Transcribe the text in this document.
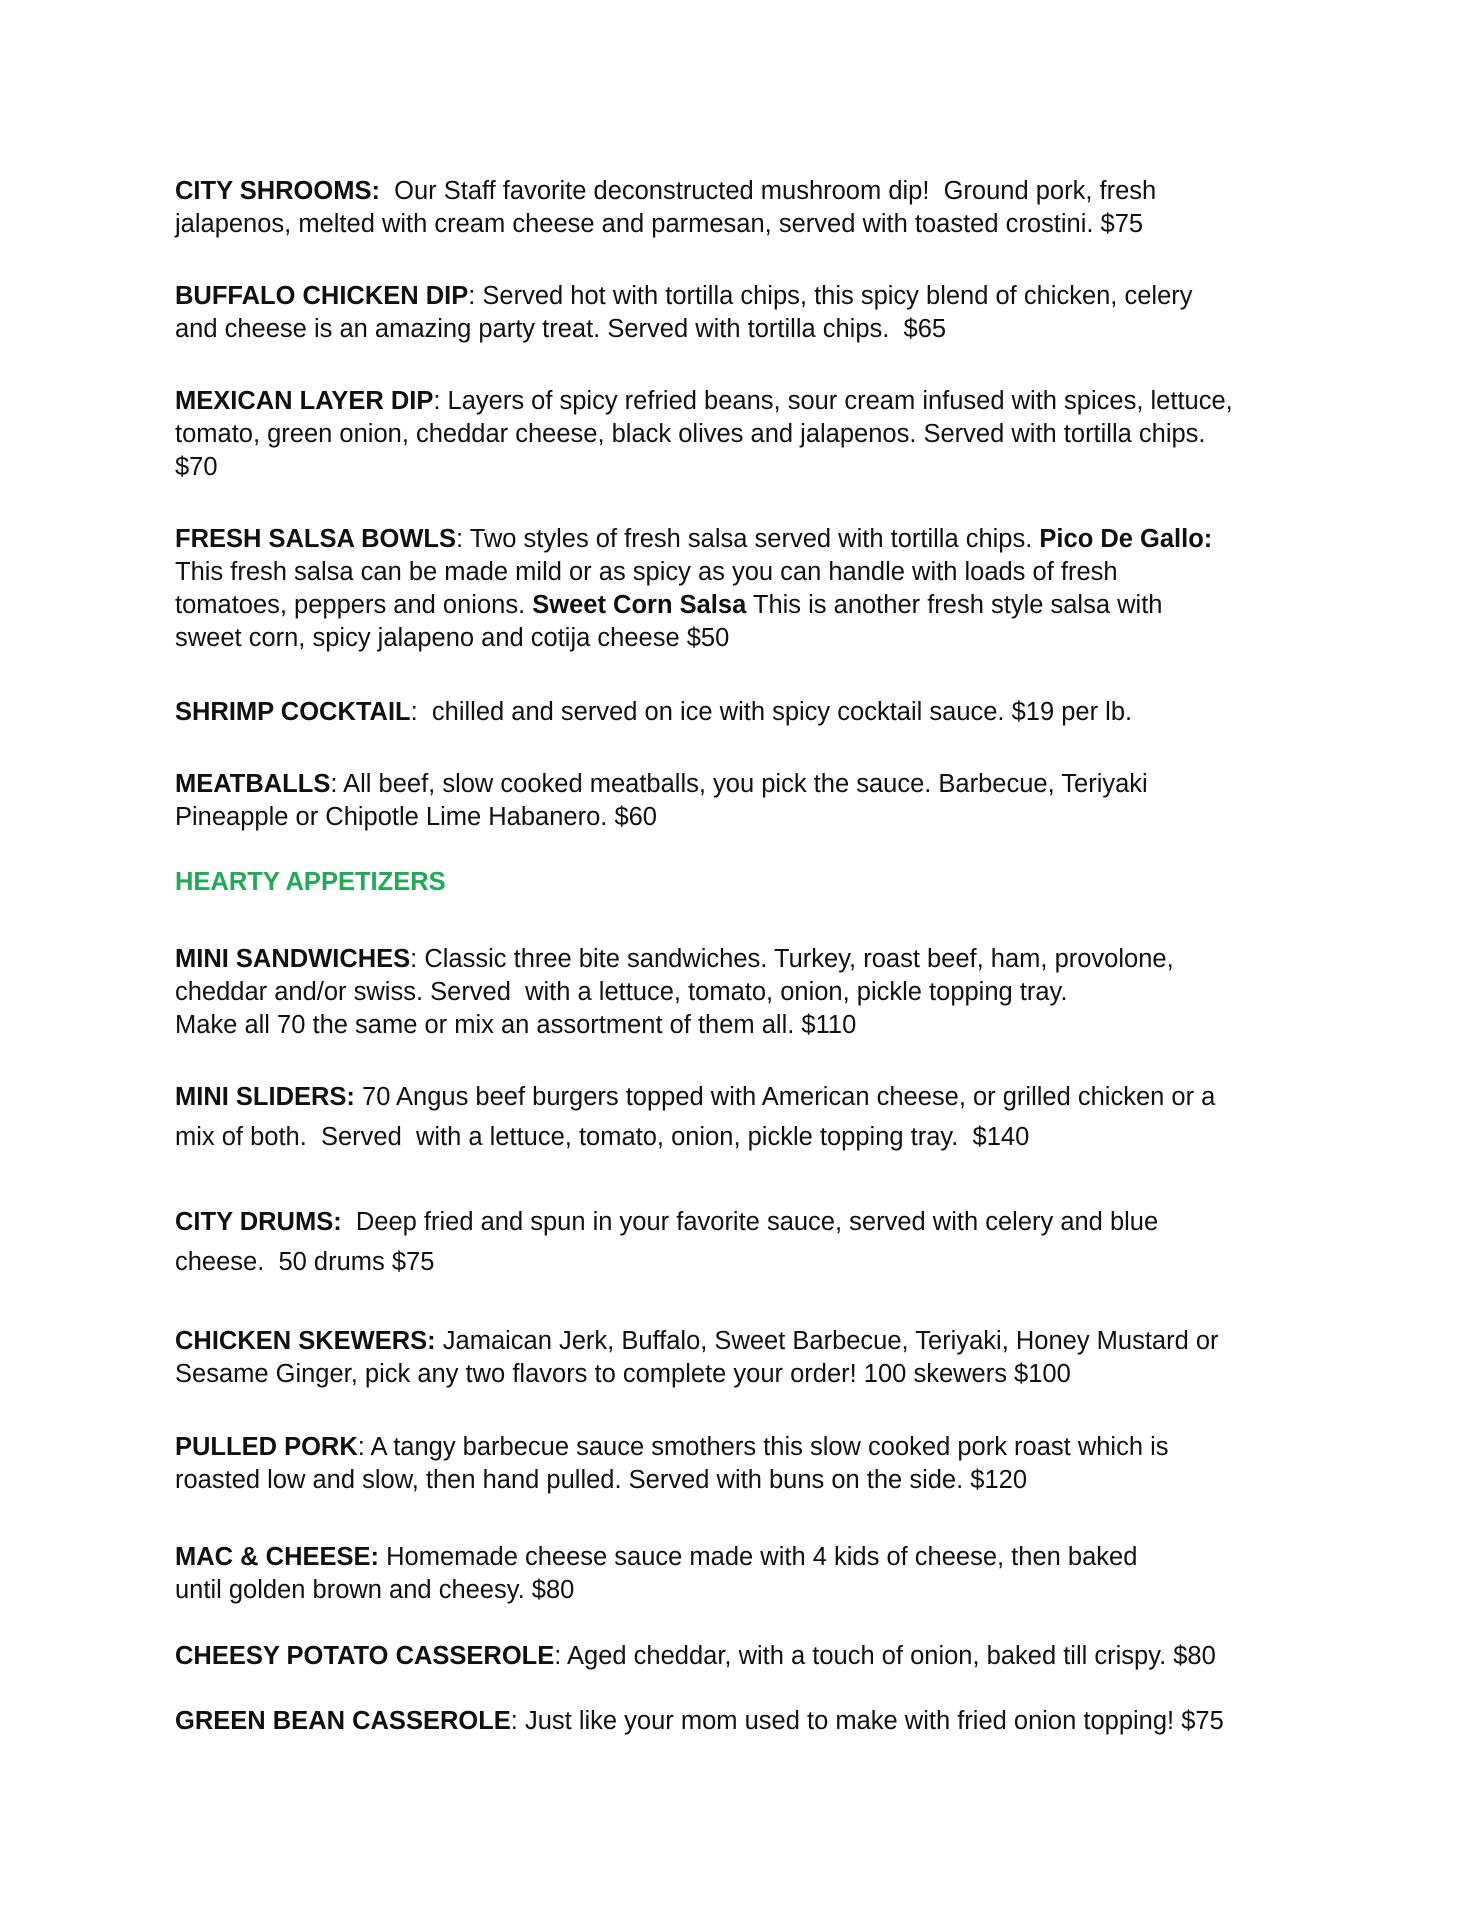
CITY SHROOMS:  Our Staff favorite deconstructed mushroom dip!  Ground pork, fresh
jalapenos, melted with cream cheese and parmesan, served with toasted crostini. $75

BUFFALO CHICKEN DIP: Served hot with tortilla chips, this spicy blend of chicken, celery
and cheese is an amazing party treat. Served with tortilla chips.  $65

MEXICAN LAYER DIP: Layers of spicy refried beans, sour cream infused with spices, lettuce,
tomato, green onion, cheddar cheese, black olives and jalapenos. Served with tortilla chips.
$70

FRESH SALSA BOWLS: Two styles of fresh salsa served with tortilla chips. Pico De Gallo:
This fresh salsa can be made mild or as spicy as you can handle with loads of fresh
tomatoes, peppers and onions. Sweet Corn Salsa This is another fresh style salsa with
sweet corn, spicy jalapeno and cotija cheese $50

SHRIMP COCKTAIL:  chilled and served on ice with spicy cocktail sauce. $19 per lb.

MEATBALLS: All beef, slow cooked meatballs, you pick the sauce. Barbecue, Teriyaki
Pineapple or Chipotle Lime Habanero. $60

HEARTY APPETIZERS

MINI SANDWICHES: Classic three bite sandwiches. Turkey, roast beef, ham, provolone,
cheddar and/or swiss. Served  with a lettuce, tomato, onion, pickle topping tray.
Make all 70 the same or mix an assortment of them all. $110

MINI SLIDERS: 70 Angus beef burgers topped with American cheese, or grilled chicken or a
mix of both.  Served  with a lettuce, tomato, onion, pickle topping tray.  $140

CITY DRUMS:  Deep fried and spun in your favorite sauce, served with celery and blue
cheese.  50 drums $75

CHICKEN SKEWERS: Jamaican Jerk, Buffalo, Sweet Barbecue, Teriyaki, Honey Mustard or
Sesame Ginger, pick any two flavors to complete your order! 100 skewers $100

PULLED PORK: A tangy barbecue sauce smothers this slow cooked pork roast which is
roasted low and slow, then hand pulled. Served with buns on the side. $120

MAC & CHEESE: Homemade cheese sauce made with 4 kids of cheese, then baked
until golden brown and cheesy. $80

CHEESY POTATO CASSEROLE: Aged cheddar, with a touch of onion, baked till crispy. $80

GREEN BEAN CASSEROLE: Just like your mom used to make with fried onion topping! $75
